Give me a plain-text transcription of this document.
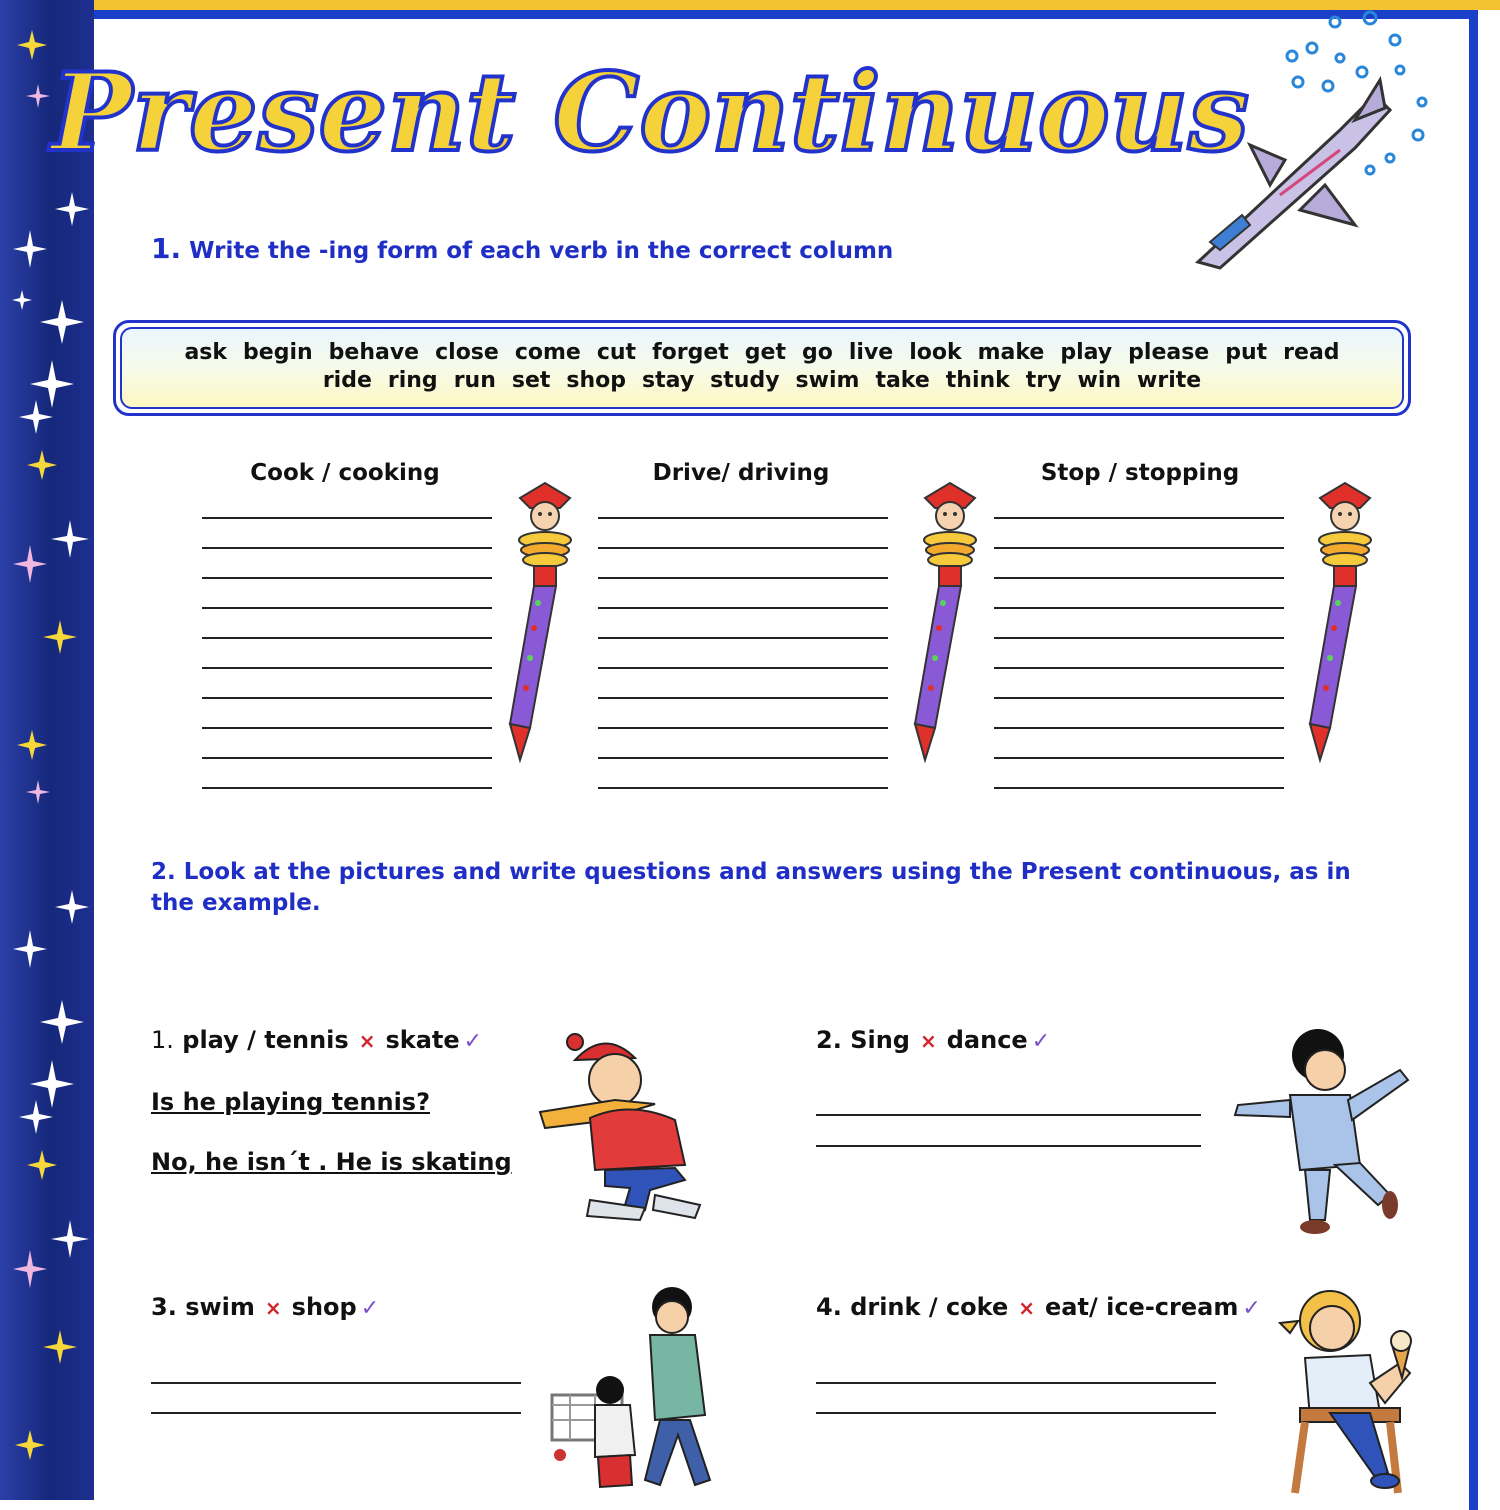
Present Continuous
1. Write the -ing form of each verb in the correct column
ask begin behave close come cut forget get go live look make play please put read
ride ring run set shop stay study swim take think try win write
Cook / cooking	Drive/ driving	Stop / stopping
2. Look at the pictures and write questions and answers using the Present continuous, as in the example.
1. play / tennis × skate ✓
Is he playing tennis?
No, he isn´t . He is skating
2. Sing × dance ✓
3. swim × shop ✓	4. drink / coke × eat/ ice-cream ✓
